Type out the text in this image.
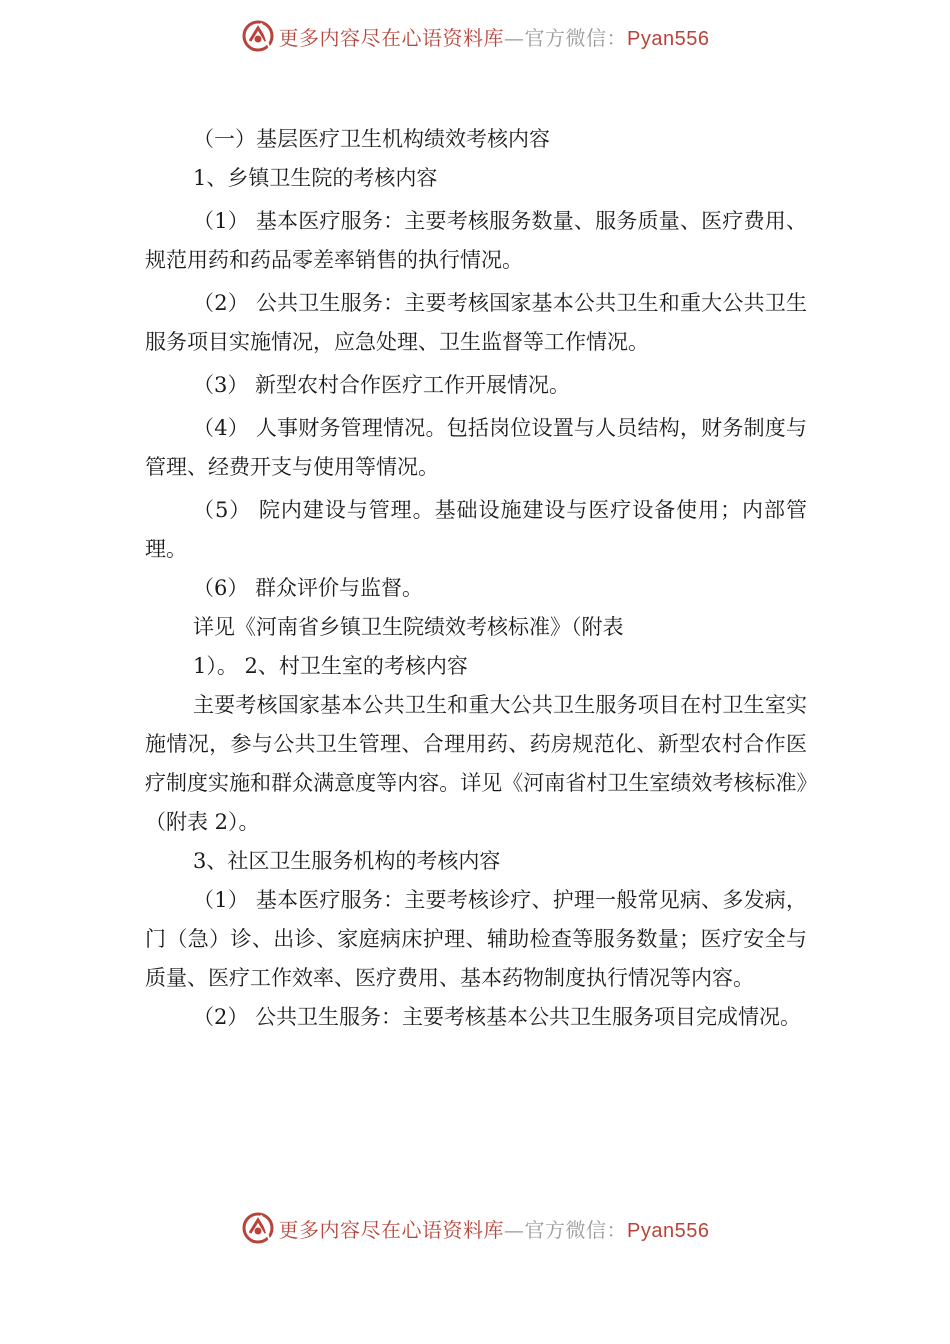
更多内容尽在心语资料库—官方微信：Pyan556

（一）基层医疗卫生机构绩效考核内容

1、乡镇卫生院的考核内容

（1） 基本医疗服务：主要考核服务数量、服务质量、医疗费用、规范用药和药品零差率销售的执行情况。

（2） 公共卫生服务：主要考核国家基本公共卫生和重大公共卫生服务项目实施情况，应急处理、卫生监督等工作情况。

（3） 新型农村合作医疗工作开展情况。

（4） 人事财务管理情况。包括岗位设置与人员结构，财务制度与管理、经费开支与使用等情况。

（5） 院内建设与管理。基础设施建设与医疗设备使用；内部管理。

（6） 群众评价与监督。

详见《河南省乡镇卫生院绩效考核标准》（附表

1）。 2、村卫生室的考核内容

主要考核国家基本公共卫生和重大公共卫生服务项目在村卫生室实施情况，参与公共卫生管理、合理用药、药房规范化、新型农村合作医疗制度实施和群众满意度等内容。详见《河南省村卫生室绩效考核标准》（附表 2）。

3、社区卫生服务机构的考核内容

（1） 基本医疗服务：主要考核诊疗、护理一般常见病、多发病，门（急）诊、出诊、家庭病床护理、辅助检查等服务数量；医疗安全与质量、医疗工作效率、医疗费用、基本药物制度执行情况等内容。

（2） 公共卫生服务：主要考核基本公共卫生服务项目完成情况。

更多内容尽在心语资料库—官方微信：Pyan556
